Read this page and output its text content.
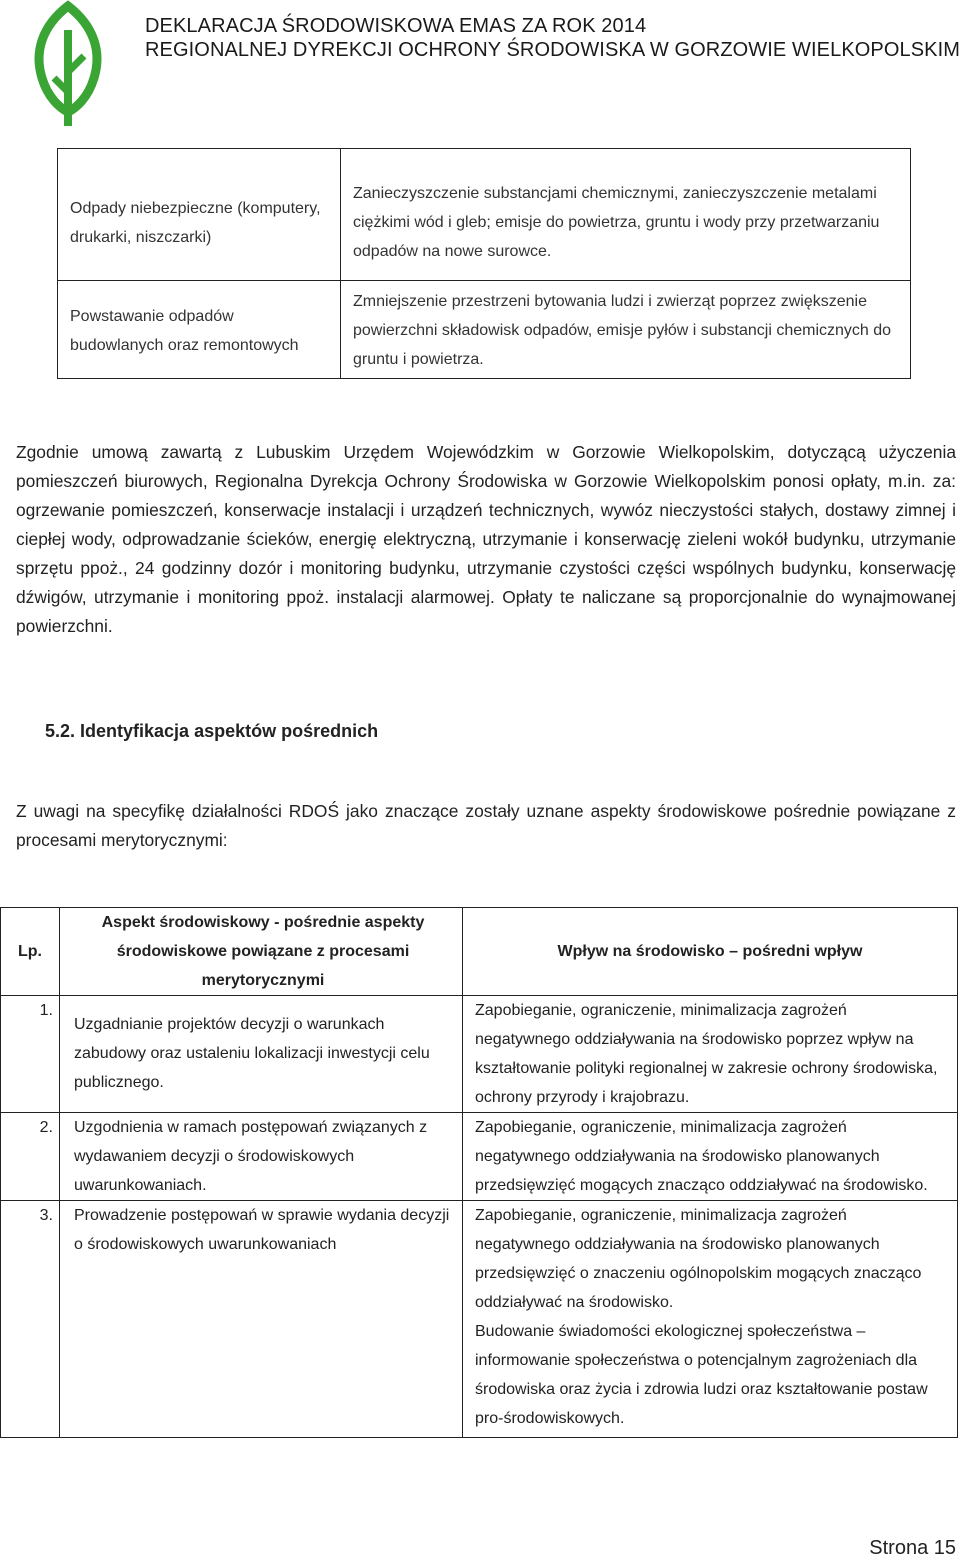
DEKLARACJA ŚRODOWISKOWA EMAS ZA ROK 2014
REGIONALNEJ DYREKCJI OCHRONY ŚRODOWISKA W GORZOWIE WIELKOPOLSKIM

Odpady niebezpieczne (komputery, drukarki, niszczarki)	Zanieczyszczenie substancjami chemicznymi, zanieczyszczenie metalami ciężkimi wód i gleb; emisje do powietrza, gruntu i wody przy przetwarzaniu odpadów na nowe surowce.
Powstawanie odpadów budowlanych oraz remontowych	Zmniejszenie przestrzeni bytowania ludzi i zwierząt poprzez zwiększenie powierzchni składowisk odpadów, emisje pyłów i substancji chemicznych do gruntu i powietrza.
Zgodnie umową zawartą z Lubuskim Urzędem Wojewódzkim w Gorzowie Wielkopolskim, dotyczącą użyczenia pomieszczeń biurowych, Regionalna Dyrekcja Ochrony Środowiska w Gorzowie Wielkopolskim ponosi opłaty, m.in. za: ogrzewanie pomieszczeń, konserwacje instalacji i urządzeń technicznych, wywóz nieczystości stałych, dostawy zimnej i ciepłej wody, odprowadzanie ścieków, energię elektryczną, utrzymanie i konserwację zieleni wokół budynku, utrzymanie sprzętu ppoż., 24 godzinny dozór i monitoring budynku, utrzymanie czystości części wspólnych budynku, konserwację dźwigów, utrzymanie i monitoring ppoż. instalacji alarmowej. Opłaty te naliczane są proporcjonalnie do wynajmowanej powierzchni.
5.2. Identyfikacja aspektów pośrednich
Z uwagi na specyfikę działalności RDOŚ jako znaczące zostały uznane aspekty środowiskowe pośrednie powiązane z procesami merytorycznymi:
Lp.	Aspekt środowiskowy - pośrednie aspekty środowiskowe powiązane z procesami merytorycznymi	Wpływ na środowisko – pośredni wpływ
1.	Uzgadnianie projektów decyzji o warunkach zabudowy oraz ustaleniu lokalizacji inwestycji celu publicznego.	Zapobieganie, ograniczenie, minimalizacja zagrożeń negatywnego oddziaływania na środowisko poprzez wpływ na kształtowanie polityki regionalnej w zakresie ochrony środowiska, ochrony przyrody i krajobrazu.
2.	Uzgodnienia w ramach postępowań związanych z wydawaniem decyzji o środowiskowych uwarunkowaniach.	Zapobieganie, ograniczenie, minimalizacja zagrożeń negatywnego oddziaływania na środowisko planowanych przedsięwzięć mogących znacząco oddziaływać na środowisko.
3.	Prowadzenie postępowań w sprawie wydania decyzji o środowiskowych uwarunkowaniach	Zapobieganie, ograniczenie, minimalizacja zagrożeń negatywnego oddziaływania na środowisko planowanych przedsięwzięć o znaczeniu ogólnopolskim mogących znacząco oddziaływać na środowisko.
Budowanie świadomości ekologicznej społeczeństwa – informowanie społeczeństwa o potencjalnym zagrożeniach dla środowiska oraz życia i zdrowia ludzi oraz kształtowanie postaw pro-środowiskowych.
Strona 15
